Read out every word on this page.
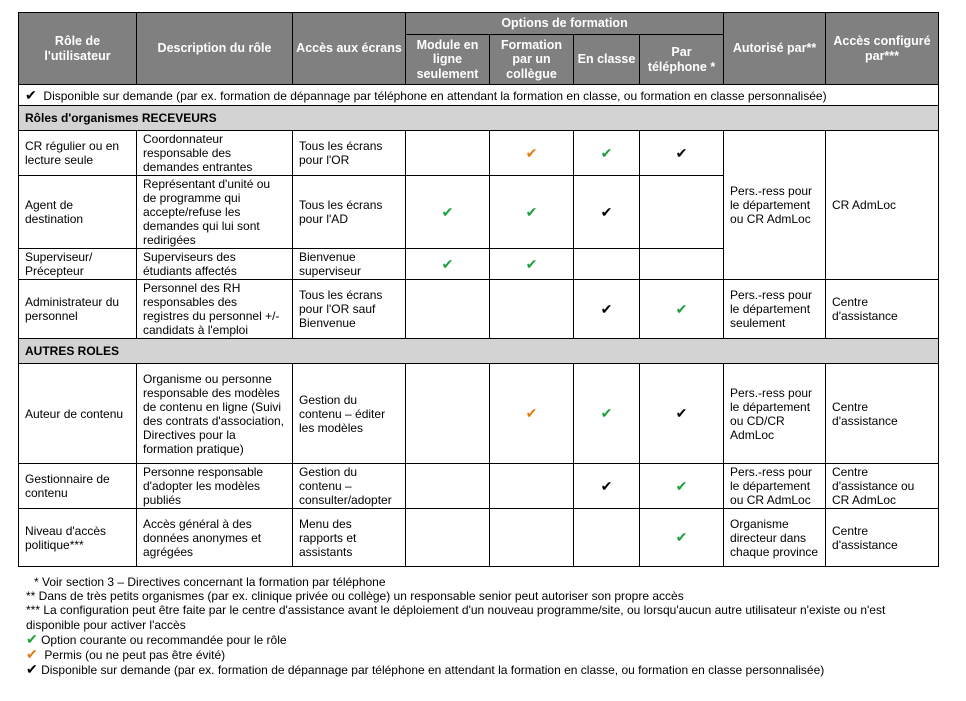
Rôle de l'utilisateur	Description du rôle	Accès aux écrans	Options de formation				Autorisé par**	Accès configuré par***
			Module en ligne seulement	Formation par un collègue	En classe	Par téléphone *		
✔ Disponible sur demande (par ex. formation de dépannage par téléphone en attendant la formation en classe, ou formation en classe personnalisée)								
Rôles d'organismes RECEVEURS								
CR régulier ou en lecture seule	Coordonnateur responsable des demandes entrantes	Tous les écrans pour l'OR		✔	✔	✔	Pers.-ress pour le département ou CR AdmLoc	CR AdmLoc
Agent de destination	Représentant d'unité ou de programme qui accepte/refuse les demandes qui lui sont redirigées	Tous les écrans pour l'AD	✔	✔	✔			
Superviseur/ Précepteur	Superviseurs des étudiants affectés	Bienvenue superviseur	✔	✔				
Administrateur du personnel	Personnel des RH responsables des registres du personnel +/- candidats à l'emploi	Tous les écrans pour l'OR sauf Bienvenue			✔	✔	Pers.-ress pour le département seulement	Centre d'assistance
AUTRES ROLES								
Auteur de contenu	Organisme ou personne responsable des modèles de contenu en ligne (Suivi des contrats d'association, Directives pour la formation pratique)	Gestion du contenu – éditer les modèles		✔	✔	✔	Pers.-ress pour le département ou CD/CR AdmLoc	Centre d'assistance
Gestionnaire de contenu	Personne responsable d'adopter les modèles publiés	Gestion du contenu – consulter/adopter			✔	✔	Pers.-ress pour le département ou CR AdmLoc	Centre d'assistance ou CR AdmLoc
Niveau d'accès politique***	Accès général à des données anonymes et agrégées	Menu des rapports et assistants				✔	Organisme directeur dans chaque province	Centre d'assistance

* Voir section 3 – Directives concernant la formation par téléphone

** Dans de très petits organismes (par ex. clinique privée ou collège) un responsable senior peut autoriser son propre accès

*** La configuration peut être faite par le centre d'assistance avant le déploiement d'un nouveau programme/site, ou lorsqu'aucun autre utilisateur n'existe ou n'est disponible pour activer l'accès

✔ Option courante ou recommandée pour le rôle

✔ Permis (ou ne peut pas être évité)

✔ Disponible sur demande (par ex. formation de dépannage par téléphone en attendant la formation en classe, ou formation en classe personnalisée)
